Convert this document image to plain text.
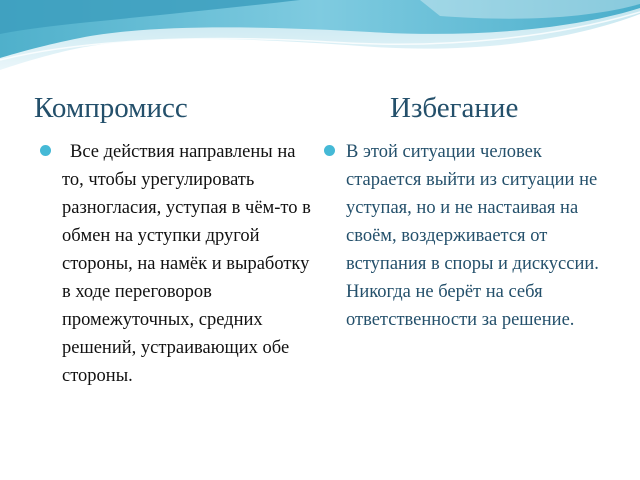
Компромисс	Избегание
Все действия направлены на то, чтобы урегулировать разногласия, уступая в чём-то в обмен на уступки другой стороны, на намёк и выработку в ходе переговоров промежуточных, средних решений, устраивающих обе стороны.
В этой ситуации человек старается выйти из ситуации не уступая, но и не настаивая на своём, воздерживается от вступания в споры и дискуссии. Никогда не берёт на себя ответственности за решение.
